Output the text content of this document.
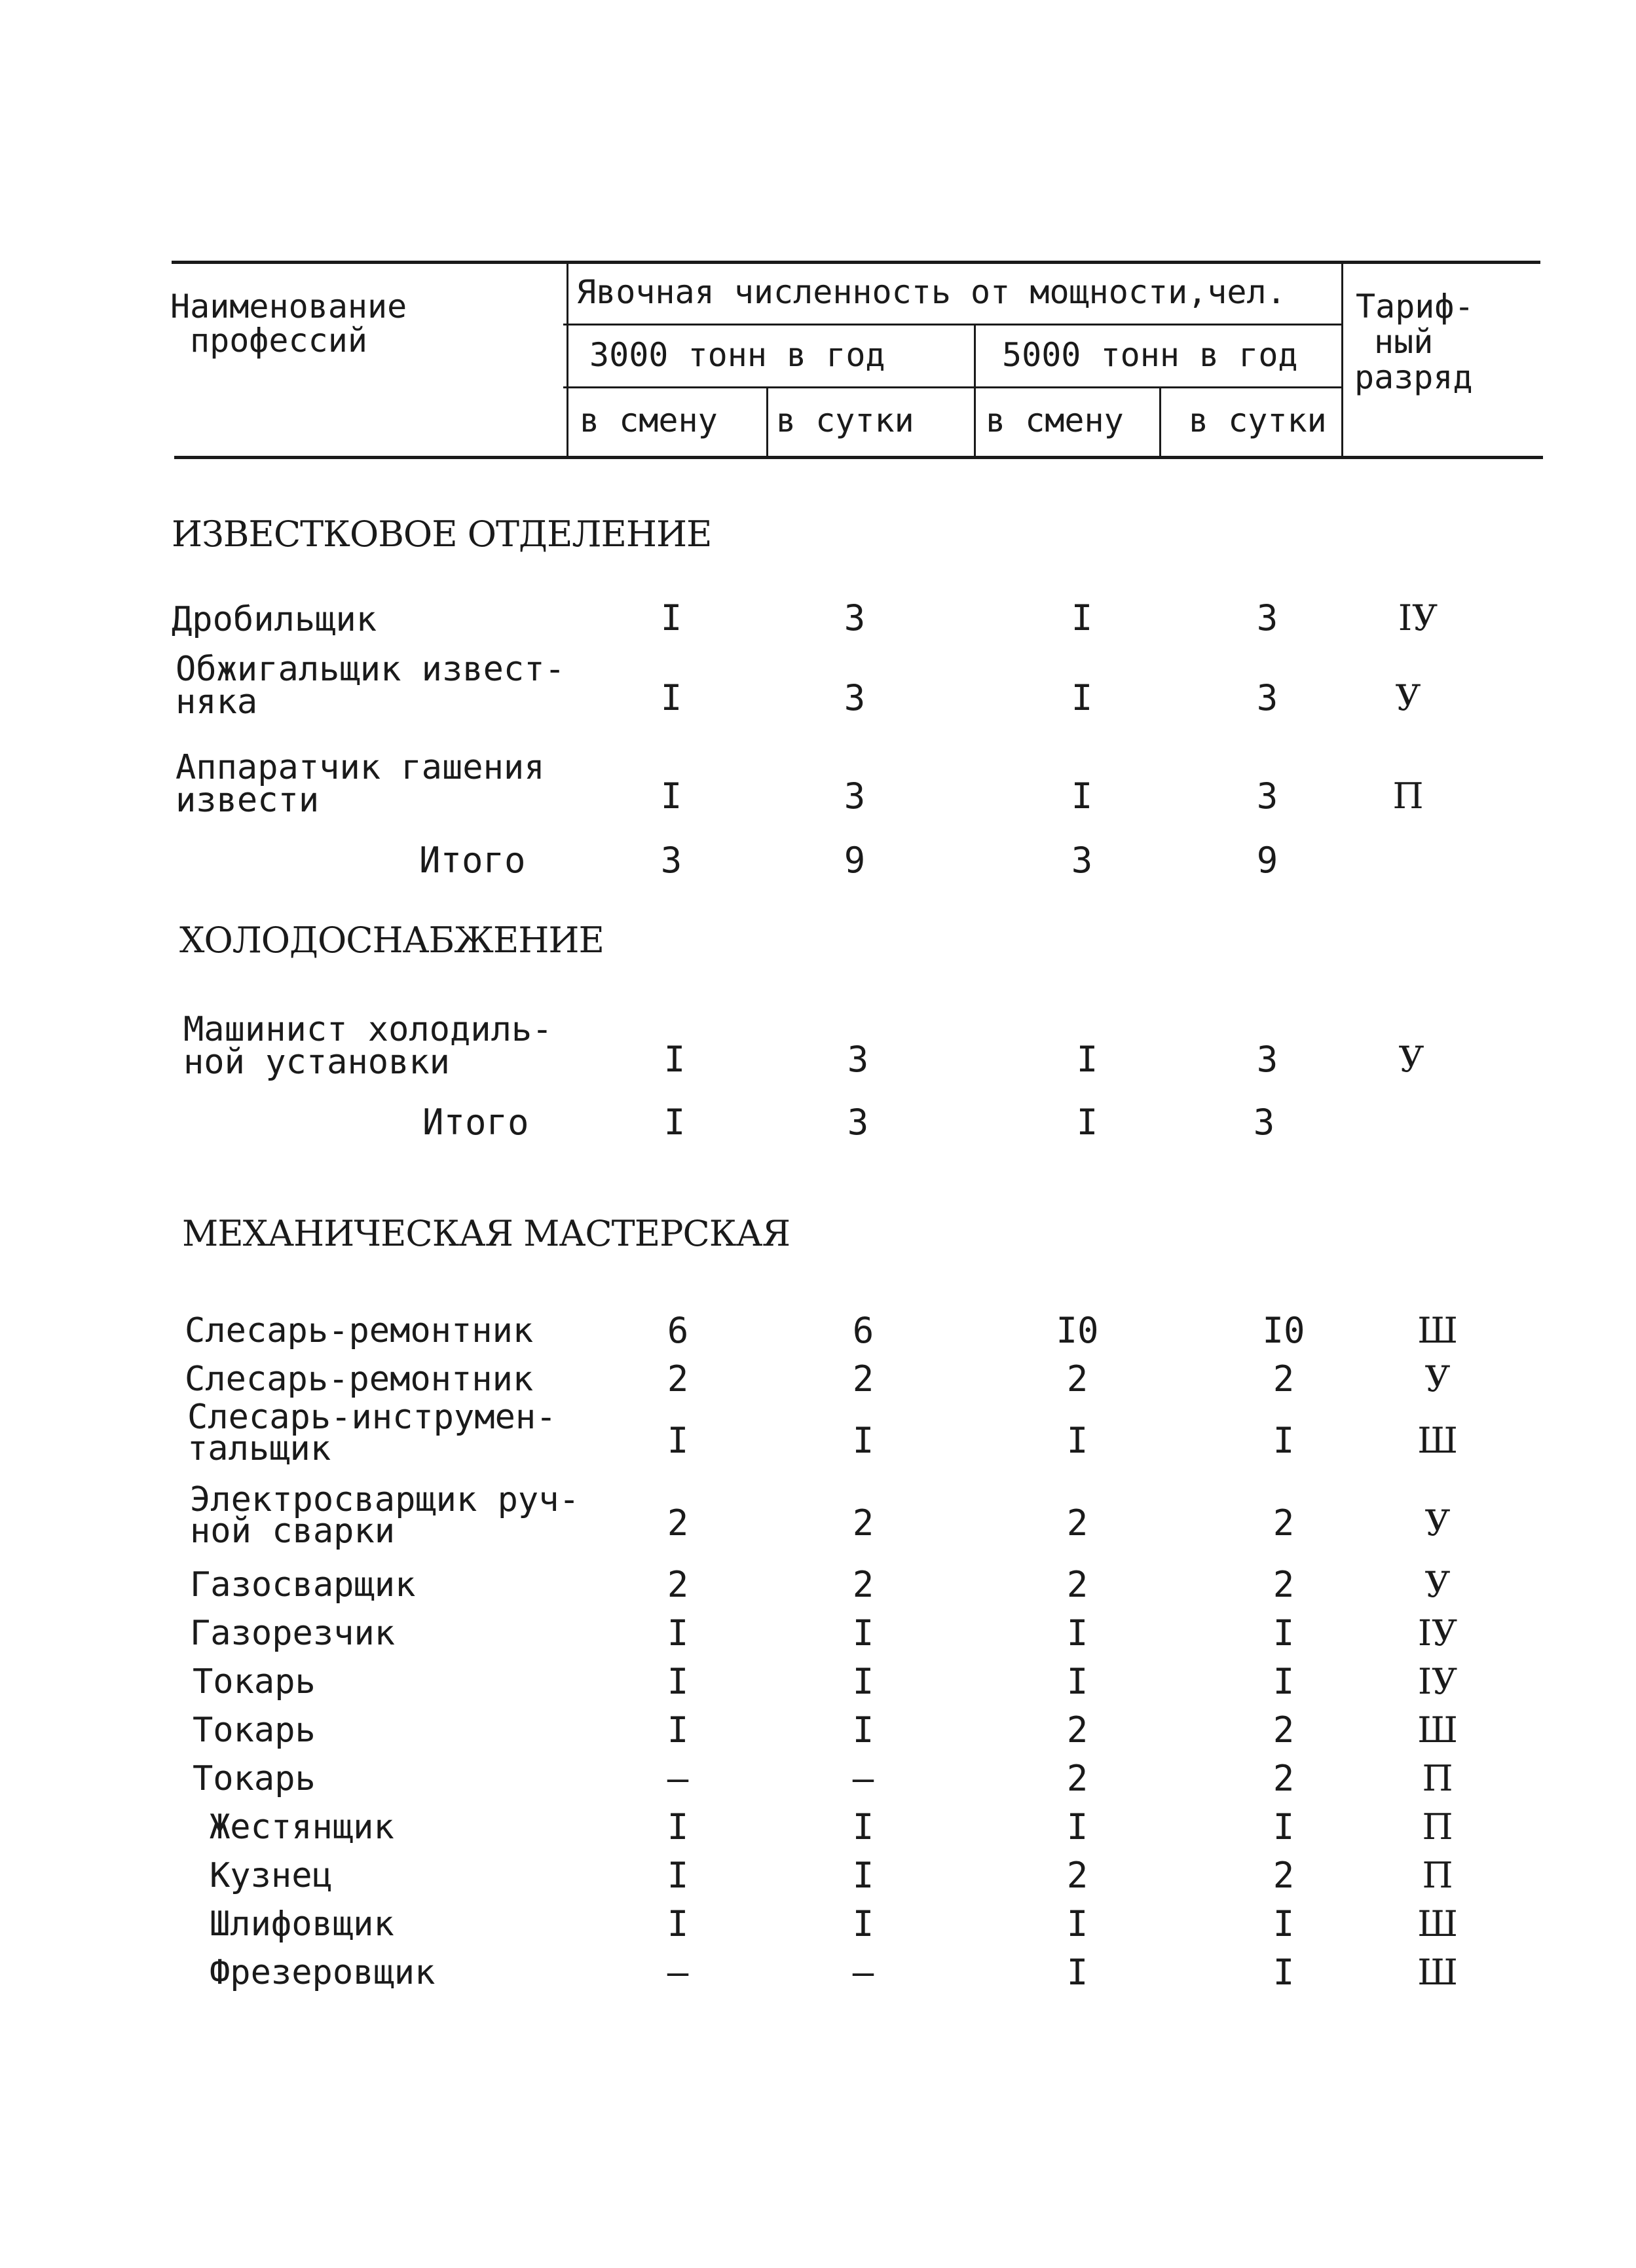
Наименование
профессий
Явочная численность от мощности,чел.
3000 тонн в год	5000 тонн в год
в смену в сутки в смену в сутки
Тариф-
ный
разряд
ИЗВЕСТКОВОЕ ОТДЕЛЕНИЕ
Дробильщик	I	3	I	3	IУ
Обжигальщик извест-
няка	I	3	I	3	У
Аппаратчик гашения
извести	I	3	I	3	П
Итого	3	9	3	9
ХОЛОДОСНАБЖЕНИЕ
Машинист холодиль-
ной установки	I	3	I	3	У
Итого	I	3	I	3
МЕХАНИЧЕСКАЯ МАСТЕРСКАЯ
Слесарь-ремонтник	6	6	I0	I0	Ш
Слесарь-ремонтник	2	2	2	2	У
Слесарь-инструмен-
тальщик	I	I	I	I	Ш
Электросварщик руч-
ной сварки	2	2	2	2	У
Газосварщик	2	2	2	2	У
Газорезчик	I	I	I	I	IУ
Токарь	I	I	I	I	IУ
Токарь	I	I	2	2	Ш
Токарь	–	–	2	2	П
Жестянщик	I	I	I	I	П
Кузнец	I	I	2	2	П
Шлифовщик	I	I	I	I	Ш
Фрезеровщик	–	–	I	I	Ш
